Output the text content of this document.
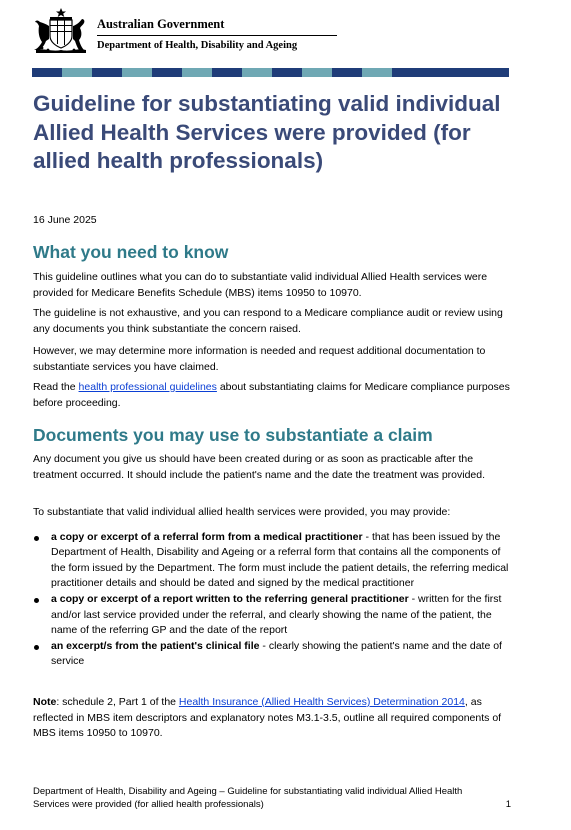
Australian Government
Department of Health, Disability and Ageing
Guideline for substantiating valid individual Allied Health Services were provided (for allied health professionals)
16 June 2025
What you need to know

This guideline outlines what you can do to substantiate valid individual Allied Health services were provided for Medicare Benefits Schedule (MBS) items 10950 to 10970.

The guideline is not exhaustive, and you can respond to a Medicare compliance audit or review using any documents you think substantiate the concern raised.

However, we may determine more information is needed and request additional documentation to substantiate services you have claimed.

Read the health professional guidelines about substantiating claims for Medicare compliance purposes before proceeding.

Documents you may use to substantiate a claim

Any document you give us should have been created during or as soon as practicable after the treatment occurred. It should include the patient's name and the date the treatment was provided.

To substantiate that valid individual allied health services were provided, you may provide:

a copy or excerpt of a referral form from a medical practitioner - that has been issued by the Department of Health, Disability and Ageing or a referral form that contains all the components of the form issued by the Department. The form must include the patient details, the referring medical practitioner details and should be dated and signed by the medical practitioner
a copy or excerpt of a report written to the referring general practitioner - written for the first and/or last service provided under the referral, and clearly showing the name of the patient, the name of the referring GP and the date of the report
an excerpt/s from the patient's clinical file - clearly showing the patient's name and the date of service

Note: schedule 2, Part 1 of the Health Insurance (Allied Health Services) Determination 2014, as reflected in MBS item descriptors and explanatory notes M3.1-3.5, outline all required components of MBS items 10950 to 10970.

Department of Health, Disability and Ageing – Guideline for substantiating valid individual Allied Health Services were provided (for allied health professionals)	1
